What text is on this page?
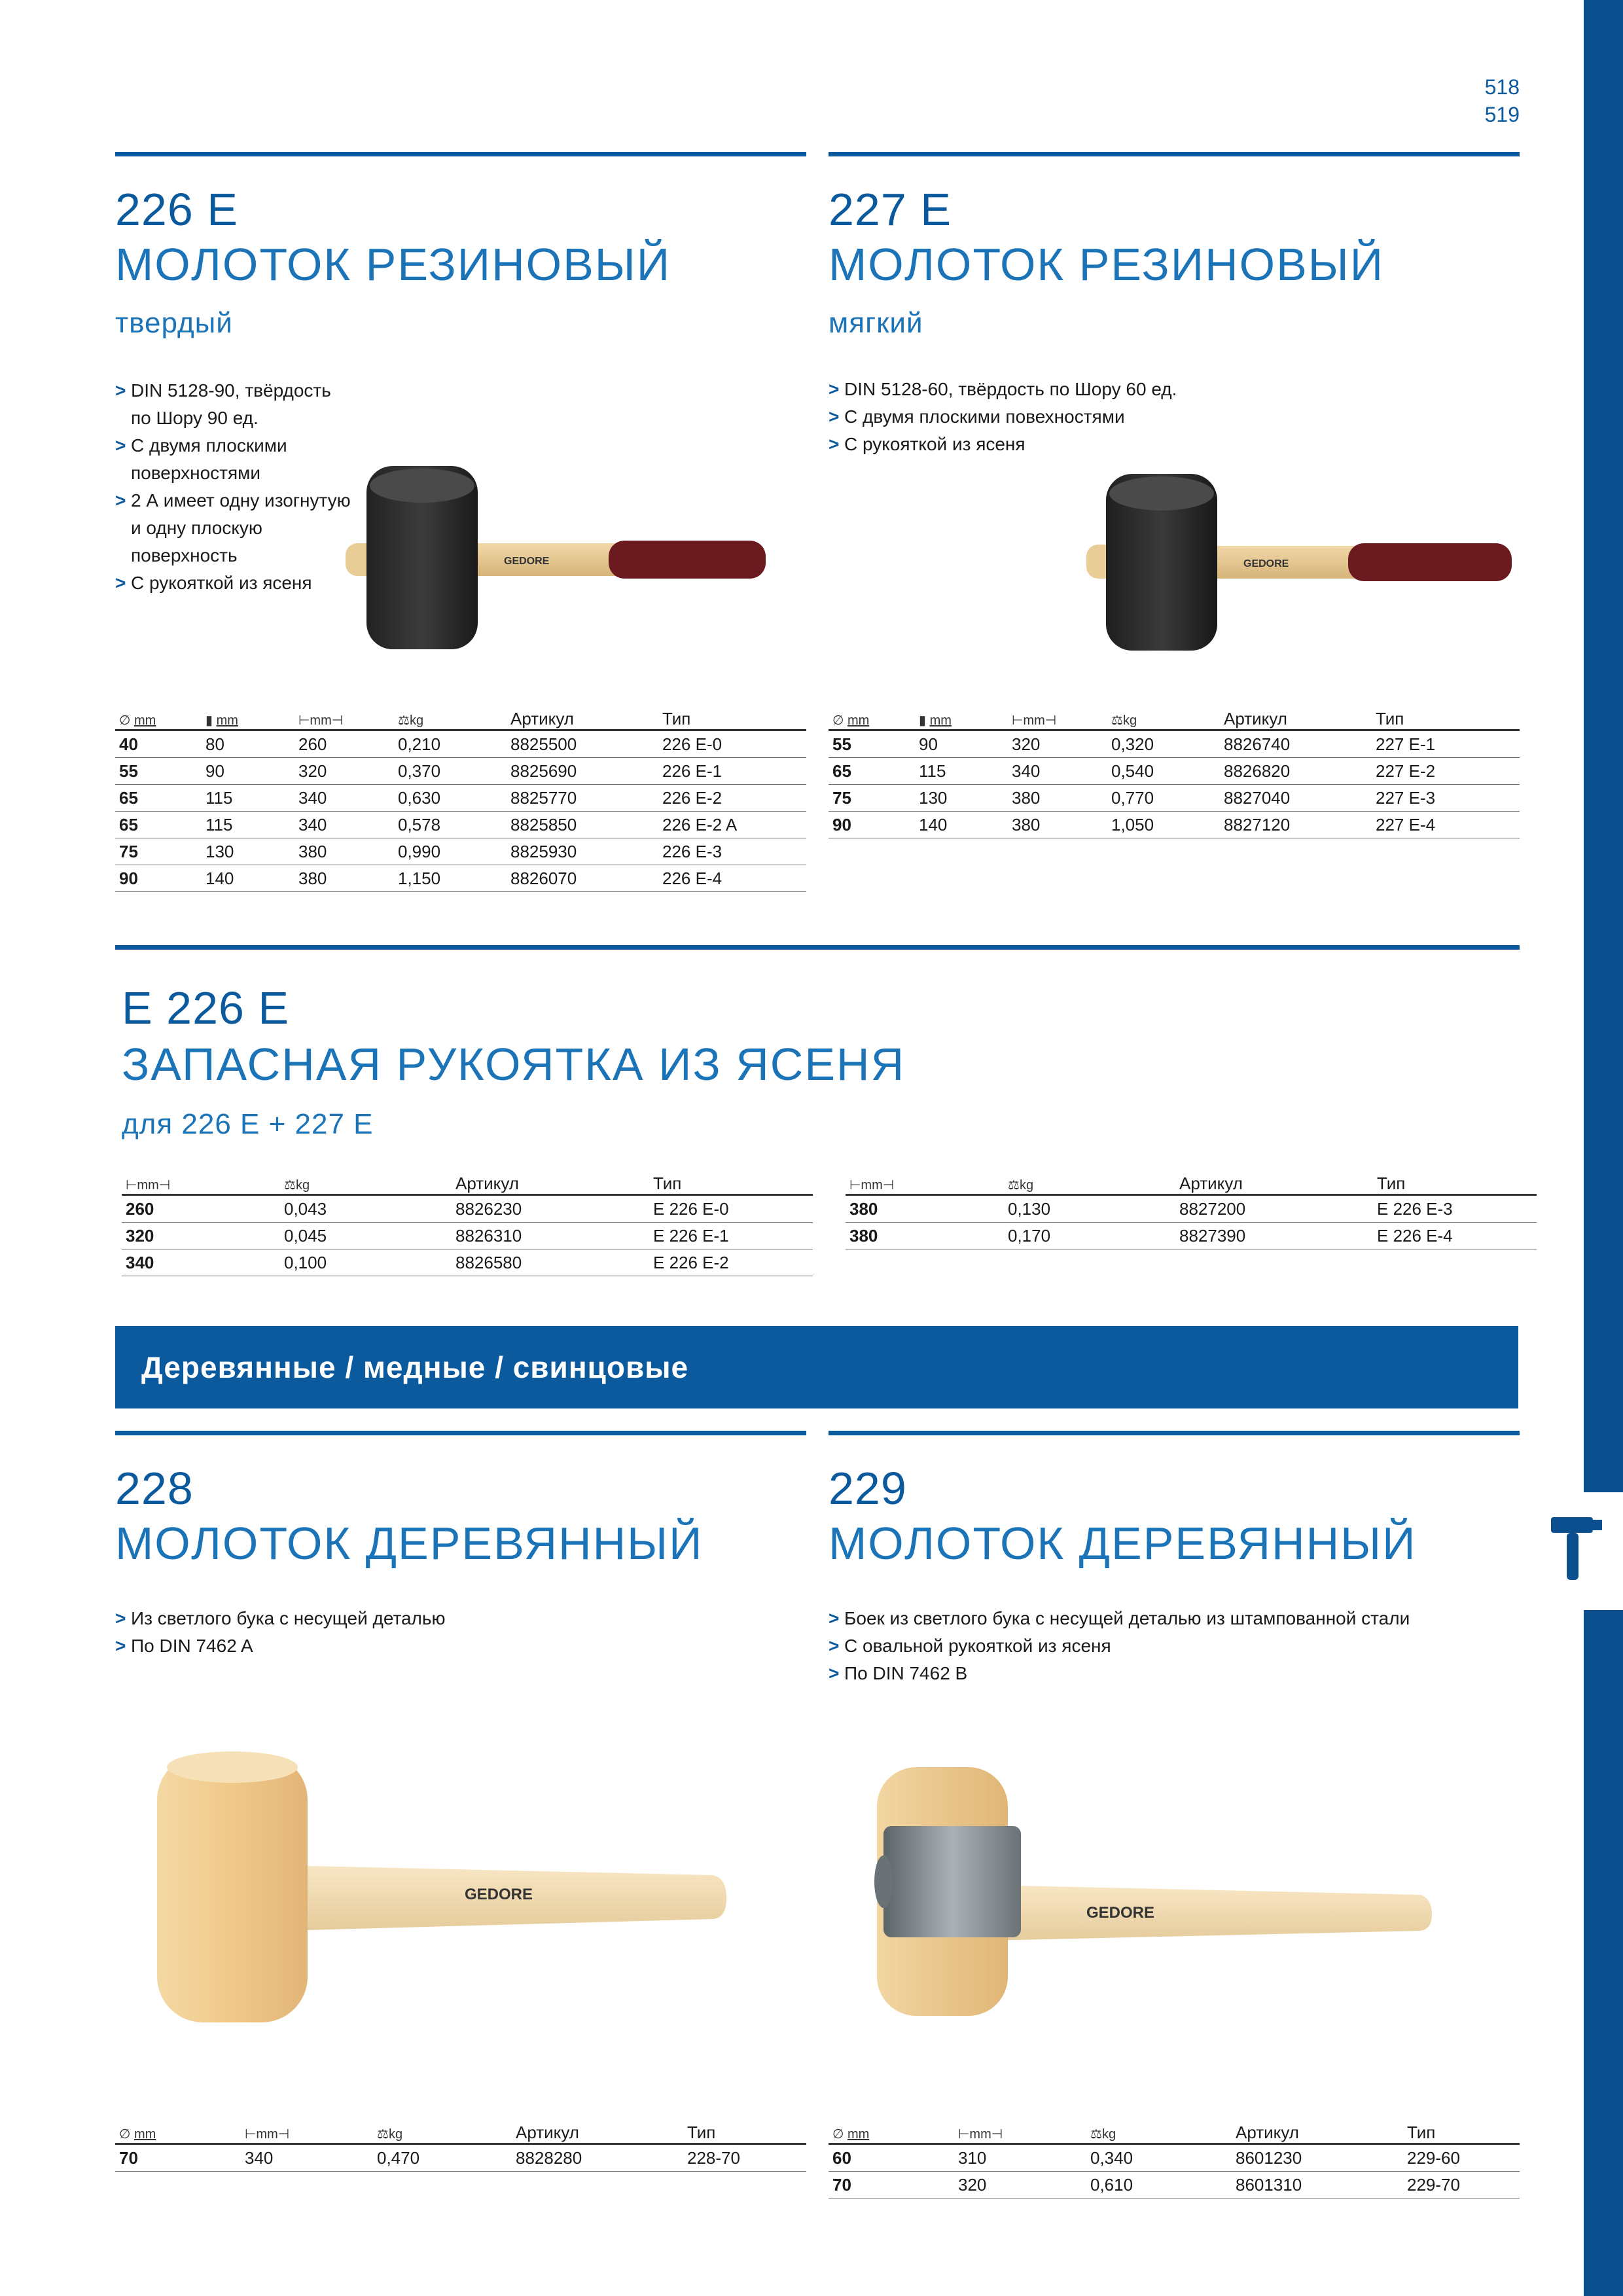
518
519
226 E
МОЛОТОК РЕЗИНОВЫЙ
твердый
> DIN 5128-90, твёрдость
по Шору 90 ед.
> С двумя плоскими
поверхностями
> 2 А имеет одну изогнутую
и одну плоскую поверхность
> С рукояткой из ясеня
GEDORE
∅ mm	▮ mm	⊢mm⊣	⚖kg	Артикул	Тип
40	80	260	0,210	8825500	226 E-0
55	90	320	0,370	8825690	226 E-1
65	115	340	0,630	8825770	226 E-2
65	115	340	0,578	8825850	226 E-2 A
75	130	380	0,990	8825930	226 E-3
90	140	380	1,150	8826070	226 E-4
227 E
МОЛОТОК РЕЗИНОВЫЙ
мягкий
> DIN 5128-60, твёрдость по Шору 60 ед.
> С двумя плоскими повехностями
> С рукояткой из ясеня
GEDORE
∅ mm	▮ mm	⊢mm⊣	⚖kg	Артикул	Тип
55	90	320	0,320	8826740	227 E-1
65	115	340	0,540	8826820	227 E-2
75	130	380	0,770	8827040	227 E-3
90	140	380	1,050	8827120	227 E-4
E 226 E
ЗАПАСНАЯ РУКОЯТКА ИЗ ЯСЕНЯ
для 226 E + 227 E
⊢mm⊣	⚖kg	Артикул	Тип
260	0,043	8826230	E 226 E-0
320	0,045	8826310	E 226 E-1
340	0,100	8826580	E 226 E-2
⊢mm⊣	⚖kg	Артикул	Тип
380	0,130	8827200	E 226 E-3
380	0,170	8827390	E 226 E-4
Деревянные / медные / свинцовые
228
МОЛОТОК ДЕРЕВЯННЫЙ
> Из светлого бука с несущей деталью
> По DIN 7462 A
GEDORE
∅ mm	⊢mm⊣	⚖kg	Артикул	Тип
70	340	0,470	8828280	228-70
229
МОЛОТОК ДЕРЕВЯННЫЙ
> Боек из светлого бука с несущей деталью из штампованной стали
> С овальной рукояткой из ясеня
> По DIN 7462 B
GEDORE
∅ mm	⊢mm⊣	⚖kg	Артикул	Тип
60	310	0,340	8601230	229-60
70	320	0,610	8601310	229-70
